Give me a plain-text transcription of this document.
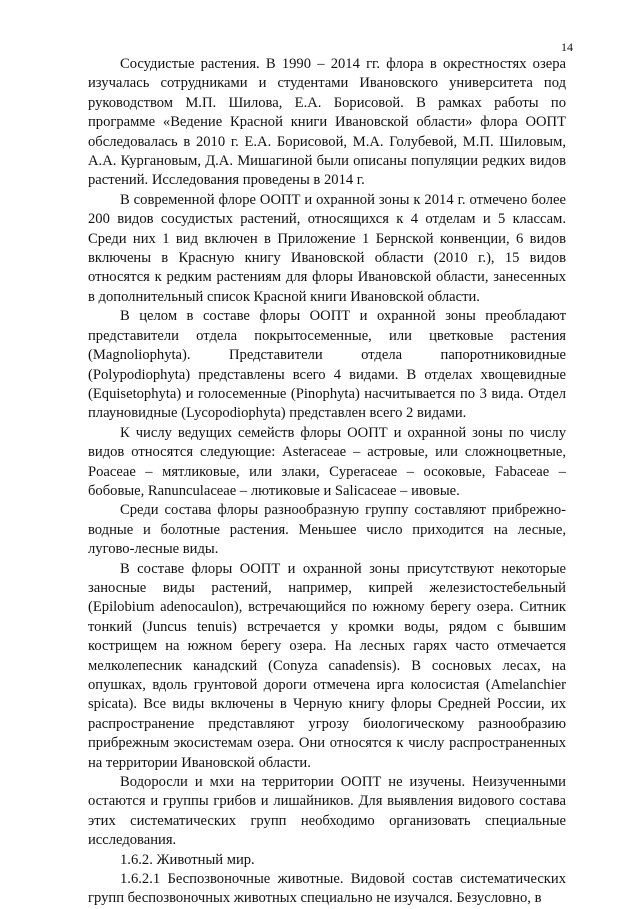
14

Сосудистые растения. В 1990 – 2014 гг. флора в окрестностях озера изучалась сотрудниками и студентами Ивановского университета под руководством М.П. Шилова, Е.А. Борисовой. В рамках работы по программе «Ведение Красной книги Ивановской области» флора ООПТ обследовалась в 2010 г. Е.А. Борисовой, М.А. Голубевой, М.П. Шиловым, А.А. Кургановым, Д.А. Мишагиной были описаны популяции редких видов растений. Исследования проведены в 2014 г.

В современной флоре ООПТ и охранной зоны к 2014 г. отмечено более 200 видов сосудистых растений, относящихся к 4 отделам и 5 классам. Среди них 1 вид включен в Приложение 1 Бернской конвенции, 6 видов включены в Красную книгу Ивановской области (2010 г.), 15 видов относятся к редким растениям для флоры Ивановской области, занесенных в дополнительный список Красной книги Ивановской области.

В целом в составе флоры ООПТ и охранной зоны преобладают представители отдела покрытосеменные, или цветковые растения (Magnoliophyta). Представители отдела папоротниковидные (Polypodiophyta) представлены всего 4 видами. В отделах хвощевидные (Equisetophyta) и голосеменные (Pinophyta) насчитывается по 3 вида. Отдел плауновидные (Lycopodiophyta) представлен всего 2 видами.

К числу ведущих семейств флоры ООПТ и охранной зоны по числу видов относятся следующие: Asteraceae – астровые, или сложноцветные, Poaceae – мятликовые, или злаки, Cyperaceae – осоковые, Fabaceae – бобовые, Ranunculaceae – лютиковые и Salicaceae – ивовые.

Среди состава флоры разнообразную группу составляют прибрежно-водные и болотные растения. Меньшее число приходится на лесные, лугово-лесные виды.

В составе флоры ООПТ и охранной зоны присутствуют некоторые заносные виды растений, например, кипрей железистостебельный (Epilobium adenocaulon), встречающийся по южному берегу озера. Ситник тонкий (Juncus tenuis) встречается у кромки воды, рядом с бывшим кострищем на южном берегу озера. На лесных гарях часто отмечается мелколепесник канадский (Conyza canadensis). В сосновых лесах, на опушках, вдоль грунтовой дороги отмечена ирга колосистая (Amelanchier spicata). Все виды включены в Черную книгу флоры Средней России, их распространение представляют угрозу биологическому разнообразию прибрежным экосистемам озера. Они относятся к числу распространенных на территории Ивановской области.

Водоросли и мхи на территории ООПТ не изучены. Неизученными остаются и группы грибов и лишайников. Для выявления видового состава этих систематических групп необходимо организовать специальные исследования.

1.6.2. Животный мир.

1.6.2.1 Беспозвоночные животные. Видовой состав систематических групп беспозвоночных животных специально не изучался. Безусловно, в
